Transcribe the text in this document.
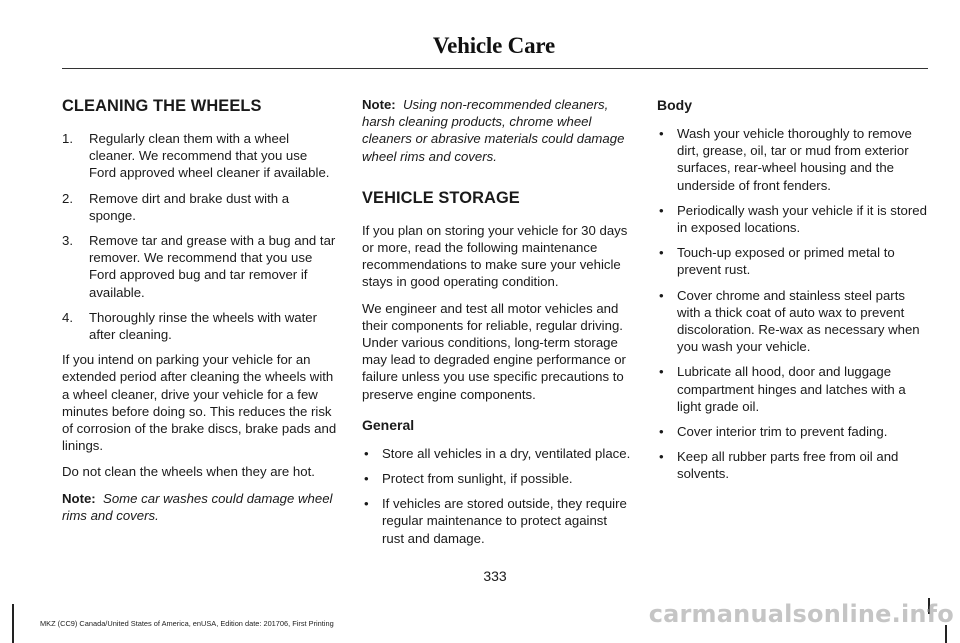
Vehicle Care
CLEANING THE WHEELS
1. Regularly clean them with a wheel cleaner. We recommend that you use Ford approved wheel cleaner if available.
2. Remove dirt and brake dust with a sponge.
3. Remove tar and grease with a bug and tar remover. We recommend that you use Ford approved bug and tar remover if available.
4. Thoroughly rinse the wheels with water after cleaning.

If you intend on parking your vehicle for an extended period after cleaning the wheels with a wheel cleaner, drive your vehicle for a few minutes before doing so. This reduces the risk of corrosion of the brake discs, brake pads and linings.

Do not clean the wheels when they are hot.

Note: Some car washes could damage wheel rims and covers.

Note: Using non-recommended cleaners, harsh cleaning products, chrome wheel cleaners or abrasive materials could damage wheel rims and covers.

VEHICLE STORAGE

If you plan on storing your vehicle for 30 days or more, read the following maintenance recommendations to make sure your vehicle stays in good operating condition.

We engineer and test all motor vehicles and their components for reliable, regular driving. Under various conditions, long-term storage may lead to degraded engine performance or failure unless you use specific precautions to preserve engine components.

General
• Store all vehicles in a dry, ventilated place.
• Protect from sunlight, if possible.
• If vehicles are stored outside, they require regular maintenance to protect against rust and damage.
Body
• Wash your vehicle thoroughly to remove dirt, grease, oil, tar or mud from exterior surfaces, rear-wheel housing and the underside of front fenders.
• Periodically wash your vehicle if it is stored in exposed locations.
• Touch-up exposed or primed metal to prevent rust.
• Cover chrome and stainless steel parts with a thick coat of auto wax to prevent discoloration. Re-wax as necessary when you wash your vehicle.
• Lubricate all hood, door and luggage compartment hinges and latches with a light grade oil.
• Cover interior trim to prevent fading.
• Keep all rubber parts free from oil and solvents.
333
MKZ (CC9) Canada/United States of America, enUSA, Edition date: 201706, First Printing	carmanualsonline.info
